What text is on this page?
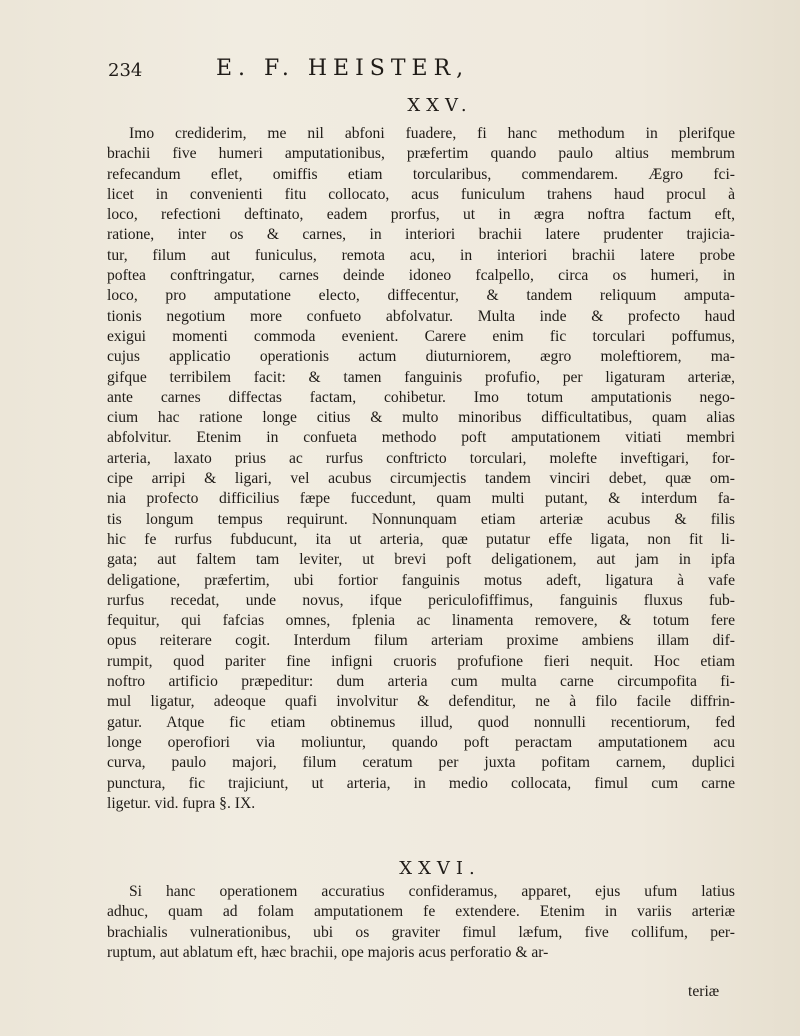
234	E. F. HEISTER,
XXV.
Imo crediderim, me nil abfoni fuadere, fi hanc methodum in plerifque
brachii five humeri amputationibus, præfertim quando paulo altius membrum
refecandum eflet, omiffis etiam torcularibus, commendarem. Ægro fci-
licet in convenienti fitu collocato, acus funiculum trahens haud procul à
loco, refectioni deftinato, eadem prorfus, ut in ægra noftra factum eft,
ratione, inter os & carnes, in interiori brachii latere prudenter trajicia-
tur, filum aut funiculus, remota acu, in interiori brachii latere probe
poftea conftringatur, carnes deinde idoneo fcalpello, circa os humeri, in
loco, pro amputatione electo, diffecentur, & tandem reliquum amputa-
tionis negotium more confueto abfolvatur. Multa inde & profecto haud
exigui momenti commoda evenient. Carere enim fic torculari poffumus,
cujus applicatio operationis actum diuturniorem, ægro moleftiorem, ma-
gifque terribilem facit: & tamen fanguinis profufio, per ligaturam arteriæ,
ante carnes diffectas factam, cohibetur. Imo totum amputationis nego-
cium hac ratione longe citius & multo minoribus difficultatibus, quam alias
abfolvitur. Etenim in confueta methodo poft amputationem vitiati membri
arteria, laxato prius ac rurfus conftricto torculari, molefte inveftigari, for-
cipe arripi & ligari, vel acubus circumjectis tandem vinciri debet, quæ om-
nia profecto difficilius fæpe fuccedunt, quam multi putant, & interdum fa-
tis longum tempus requirunt. Nonnunquam etiam arteriæ acubus & filis
hic fe rurfus fubducunt, ita ut arteria, quæ putatur effe ligata, non fit li-
gata; aut faltem tam leviter, ut brevi poft deligationem, aut jam in ipfa
deligatione, præfertim, ubi fortior fanguinis motus adeft, ligatura à vafe
rurfus recedat, unde novus, ifque periculofiffimus, fanguinis fluxus fub-
fequitur, qui fafcias omnes, fplenia ac linamenta removere, & totum fere
opus reiterare cogit. Interdum filum arteriam proxime ambiens illam dif-
rumpit, quod pariter fine infigni cruoris profufione fieri nequit. Hoc etiam
noftro artificio præpeditur: dum arteria cum multa carne circumpofita fi-
mul ligatur, adeoque quafi involvitur & defenditur, ne à filo facile diffrin-
gatur. Atque fic etiam obtinemus illud, quod nonnulli recentiorum, fed
longe operofiori via moliuntur, quando poft peractam amputationem acu
curva, paulo majori, filum ceratum per juxta pofitam carnem, duplici
punctura, fic trajiciunt, ut arteria, in medio collocata, fimul cum carne
ligetur. vid. fupra §. IX.
XXVI.
Si hanc operationem accuratius confideramus, apparet, ejus ufum latius
adhuc, quam ad folam amputationem fe extendere. Etenim in variis arteriæ
brachialis vulnerationibus, ubi os graviter fimul læfum, five collifum, per-
ruptum, aut ablatum eft, hæc brachii, ope majoris acus perforatio & ar-
teriæ
